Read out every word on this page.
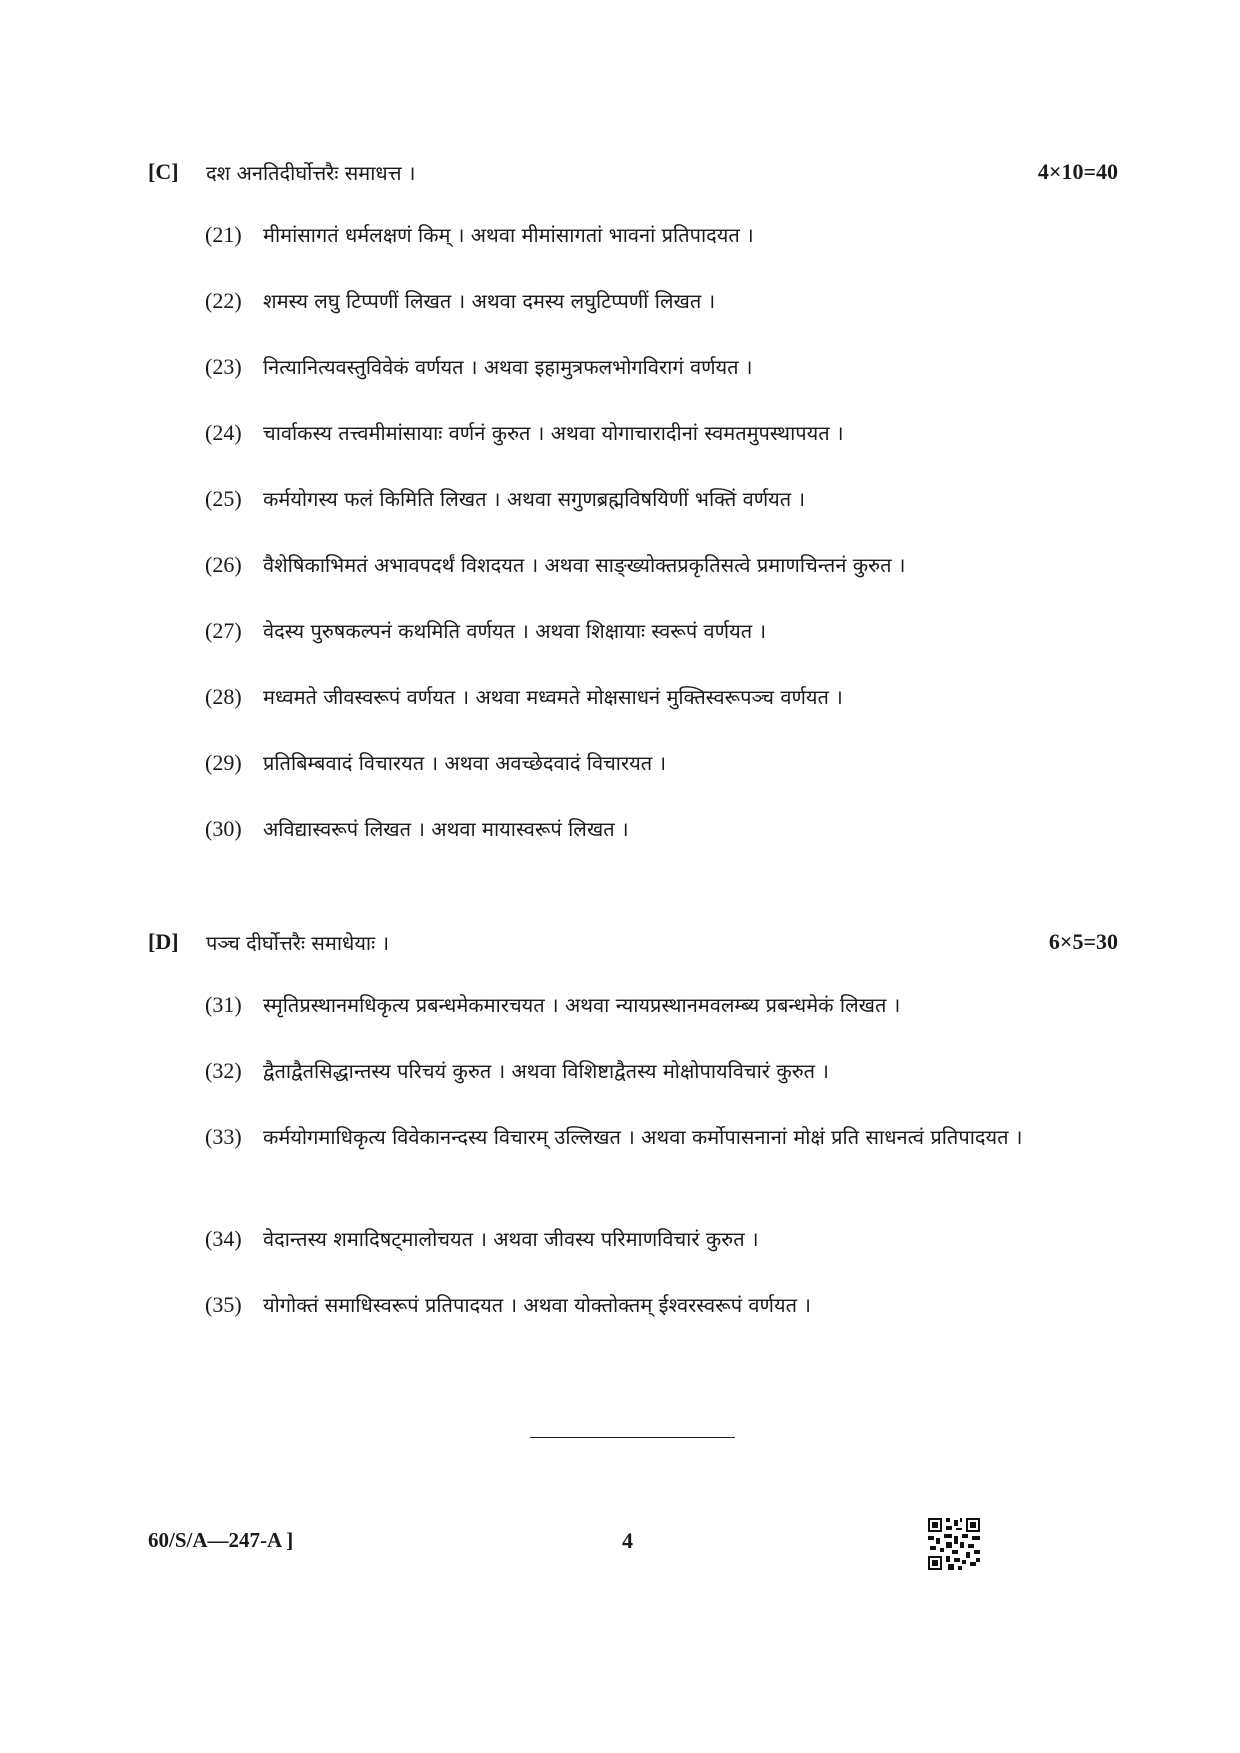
[C]	दश अनतिदीर्घोत्तरैः समाधत्त ।	4×10=40
(21)	मीमांसागतं धर्मलक्षणं किम् । अथवा मीमांसागतां भावनां प्रतिपादयत ।
(22)	शमस्य लघु टिप्पणीं लिखत । अथवा दमस्य लघुटिप्पणीं लिखत ।
(23)	नित्यानित्यवस्तुविवेकं वर्णयत । अथवा इहामुत्रफलभोगविरागं वर्णयत ।
(24)	चार्वाकस्य तत्त्वमीमांसायाः वर्णनं कुरुत । अथवा योगाचारादीनां स्वमतमुपस्थापयत ।
(25)	कर्मयोगस्य फलं किमिति लिखत । अथवा सगुणब्रह्मविषयिणीं भक्तिं वर्णयत ।
(26)	वैशेषिकाभिमतं अभावपदर्थं विशदयत । अथवा साङ्ख्योक्तप्रकृतिसत्वे प्रमाणचिन्तनं कुरुत ।
(27)	वेदस्य पुरुषकल्पनं कथमिति वर्णयत । अथवा शिक्षायाः स्वरूपं वर्णयत ।
(28)	मध्वमते जीवस्वरूपं वर्णयत । अथवा मध्वमते मोक्षसाधनं मुक्तिस्वरूपञ्च वर्णयत ।
(29)	प्रतिबिम्बवादं विचारयत । अथवा अवच्छेदवादं विचारयत ।
(30)	अविद्यास्वरूपं लिखत । अथवा मायास्वरूपं लिखत ।
[D]	पञ्च दीर्घोत्तरैः समाधेयाः ।	6×5=30
(31)	स्मृतिप्रस्थानमधिकृत्य प्रबन्धमेकमारचयत । अथवा न्यायप्रस्थानमवलम्ब्य प्रबन्धमेकं लिखत ।
(32)	द्वैताद्वैतसिद्धान्तस्य परिचयं कुरुत । अथवा विशिष्टाद्वैतस्य मोक्षोपायविचारं कुरुत ।
(33)	कर्मयोगमाधिकृत्य विवेकानन्दस्य विचारम् उल्लिखत । अथवा कर्मोपासनानां मोक्षं प्रति साधनत्वं प्रतिपादयत ।
(34)	वेदान्तस्य शमादिषट्मालोचयत । अथवा जीवस्य परिमाणविचारं कुरुत ।
(35)	योगोक्तं समाधिस्वरूपं प्रतिपादयत । अथवा योक्तोक्तम् ईश्वरस्वरूपं वर्णयत ।
60/S/A—247-A ]	4
